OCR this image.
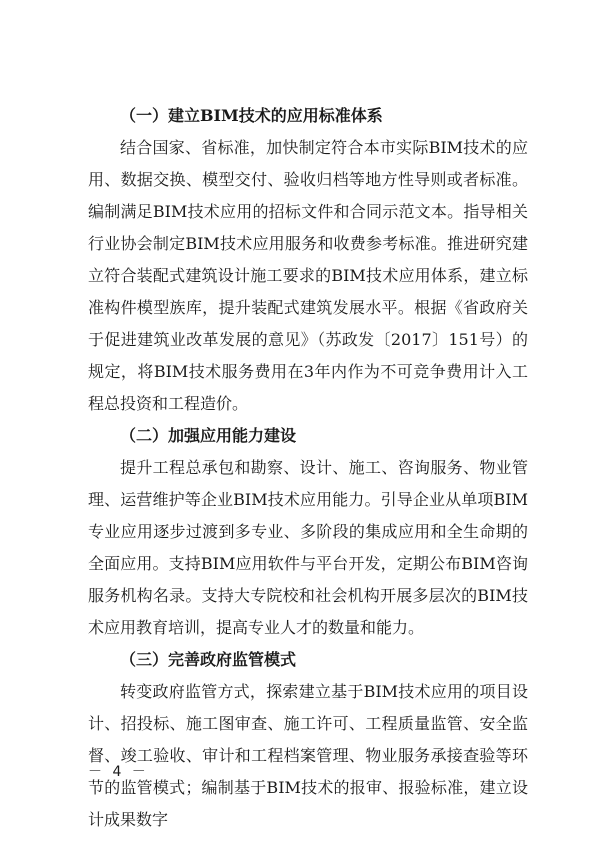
（一）建立BIM技术的应用标准体系

结合国家、省标准，加快制定符合本市实际BIM技术的应用、数据交换、模型交付、验收归档等地方性导则或者标准。编制满足BIM技术应用的招标文件和合同示范文本。指导相关行业协会制定BIM技术应用服务和收费参考标准。推进研究建立符合装配式建筑设计施工要求的BIM技术应用体系，建立标准构件模型族库，提升装配式建筑发展水平。根据《省政府关于促进建筑业改革发展的意见》（苏政发〔2017〕151号）的规定，将BIM技术服务费用在3年内作为不可竞争费用计入工程总投资和工程造价。

（二）加强应用能力建设

提升工程总承包和勘察、设计、施工、咨询服务、物业管理、运营维护等企业BIM技术应用能力。引导企业从单项BIM专业应用逐步过渡到多专业、多阶段的集成应用和全生命期的全面应用。支持BIM应用软件与平台开发，定期公布BIM咨询服务机构名录。支持大专院校和社会机构开展多层次的BIM技术应用教育培训，提高专业人才的数量和能力。

（三）完善政府监管模式

转变政府监管方式，探索建立基于BIM技术应用的项目设计、招投标、施工图审查、施工许可、工程质量监管、安全监督、竣工验收、审计和工程档案管理、物业服务承接查验等环节的监管模式；编制基于BIM技术的报审、报验标准，建立设计成果数字

－ 4 －
